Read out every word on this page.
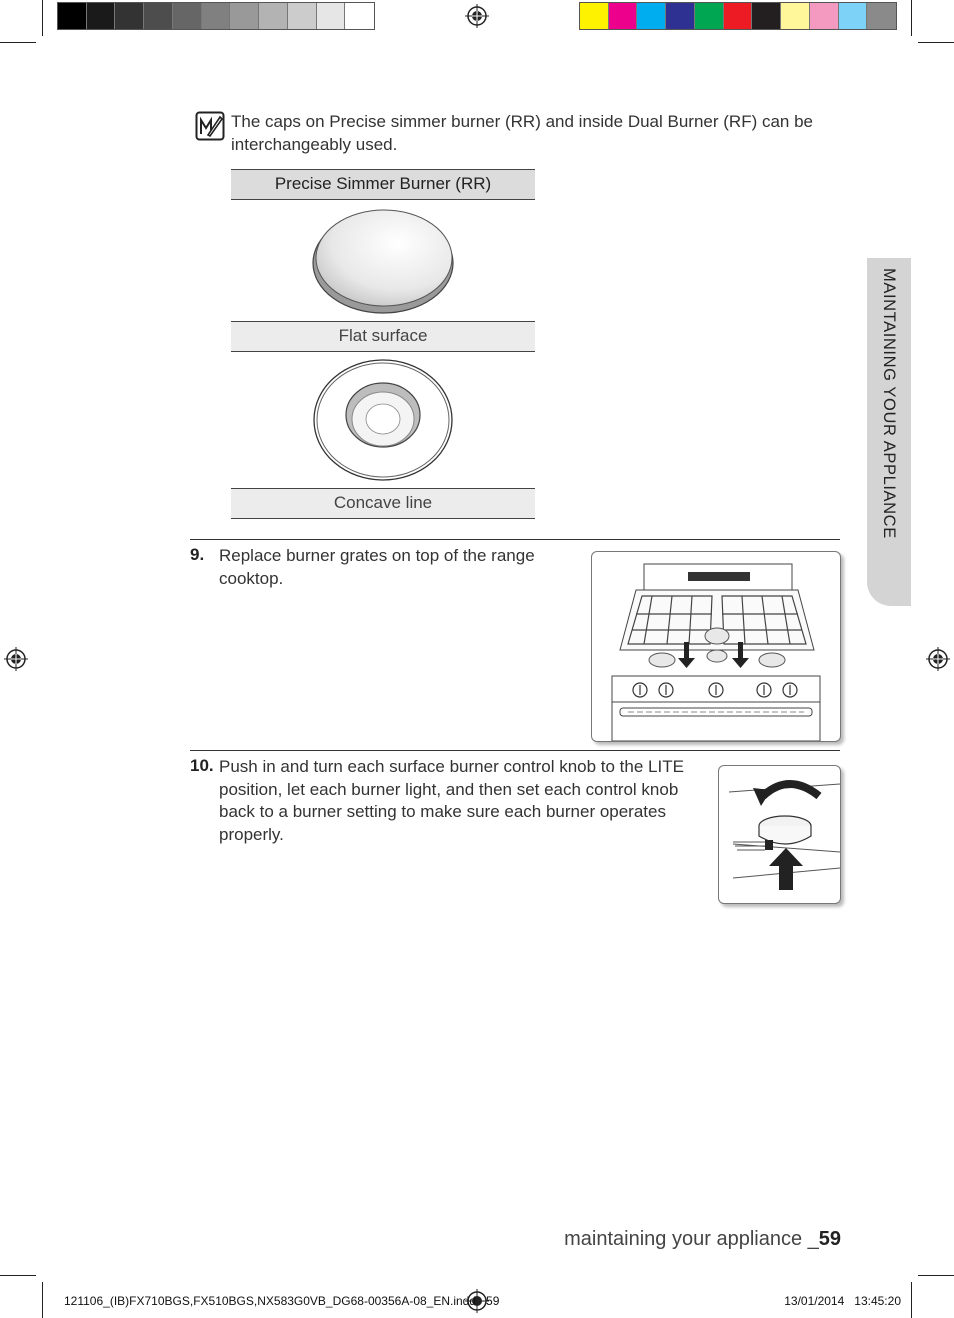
The caps on Precise simmer burner (RR) and inside Dual Burner (RF) can be interchangeably used.
Precise Simmer Burner (RR)
Flat surface
Concave line
9. Replace burner grates on top of the range cooktop.
10. Push in and turn each surface burner control knob to the LITE position, let each burner light, and then set each control knob back to a burner setting to make sure each burner operates properly.
MAINTAINING YOUR APPLIANCE
maintaining your appliance _59
121106_(IB)FX710BGS,FX510BGS,NX583G0VB_DG68-00356A-08_EN.indd   59	13/01/2014   13:45:20
